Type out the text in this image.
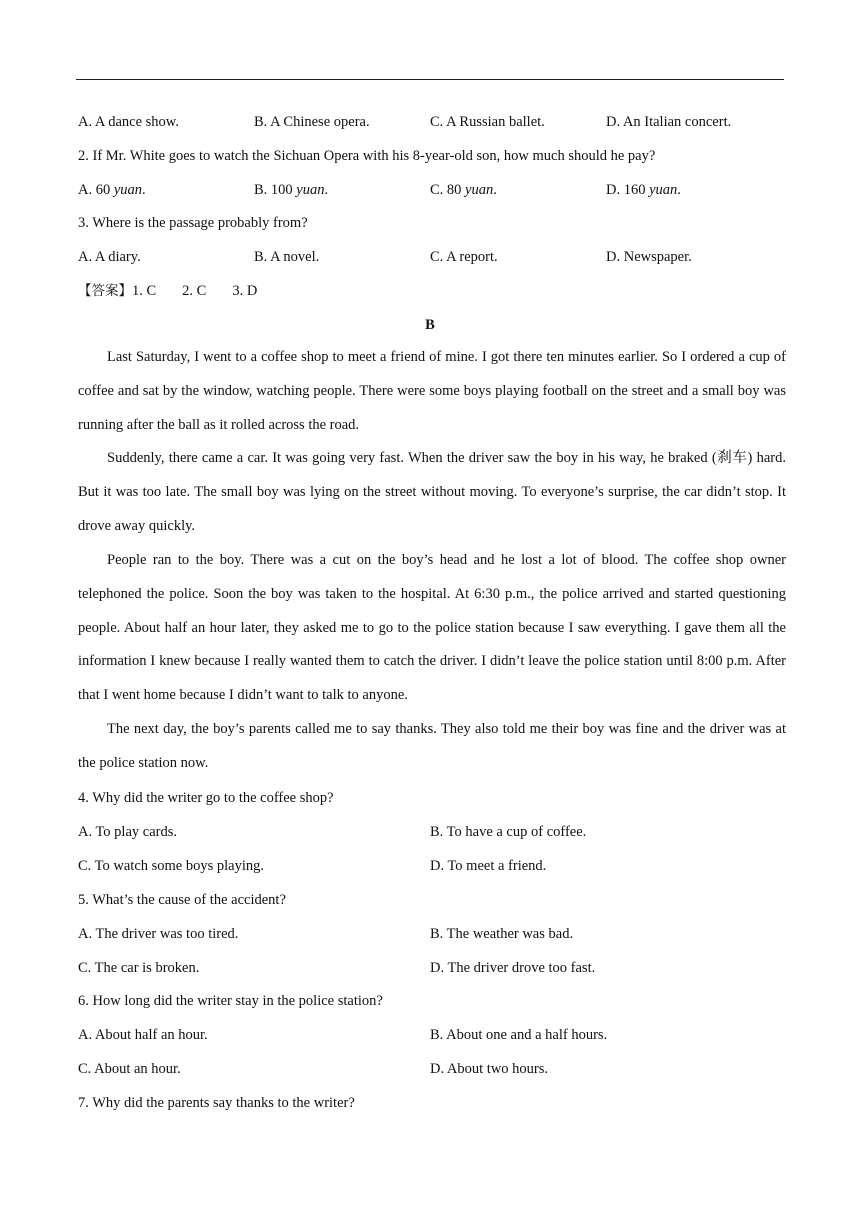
A. A dance show.	B. A Chinese opera.	C. A Russian ballet.	D. An Italian concert.
2. If Mr. White goes to watch the Sichuan Opera with his 8-year-old son, how much should he pay?
A. 60 yuan.	B. 100 yuan.	C. 80 yuan.	D. 160 yuan.
3. Where is the passage probably from?
A. A diary.	B. A novel.	C. A report.	D. Newspaper.
【答案】1. C 2. C 3. D
B
Last Saturday, I went to a coffee shop to meet a friend of mine. I got there ten minutes earlier. So I ordered a cup of coffee and sat by the window, watching people. There were some boys playing football on the street and a small boy was running after the ball as it rolled across the road.
Suddenly, there came a car. It was going very fast. When the driver saw the boy in his way, he braked (刹车) hard. But it was too late. The small boy was lying on the street without moving. To everyone’s surprise, the car didn’t stop. It drove away quickly.
People ran to the boy. There was a cut on the boy’s head and he lost a lot of blood. The coffee shop owner telephoned the police. Soon the boy was taken to the hospital. At 6:30 p.m., the police arrived and started questioning people. About half an hour later, they asked me to go to the police station because I saw everything. I gave them all the information I knew because I really wanted them to catch the driver. I didn’t leave the police station until 8:00 p.m. After that I went home because I didn’t want to talk to anyone.
The next day, the boy’s parents called me to say thanks. They also told me their boy was fine and the driver was at the police station now.
4. Why did the writer go to the coffee shop?
A. To play cards.	B. To have a cup of coffee.
C. To watch some boys playing.	D. To meet a friend.
5. What’s the cause of the accident?
A. The driver was too tired.	B. The weather was bad.
C. The car is broken.	D. The driver drove too fast.
6. How long did the writer stay in the police station?
A. About half an hour.	B. About one and a half hours.
C. About an hour.	D. About two hours.
7. Why did the parents say thanks to the writer?
